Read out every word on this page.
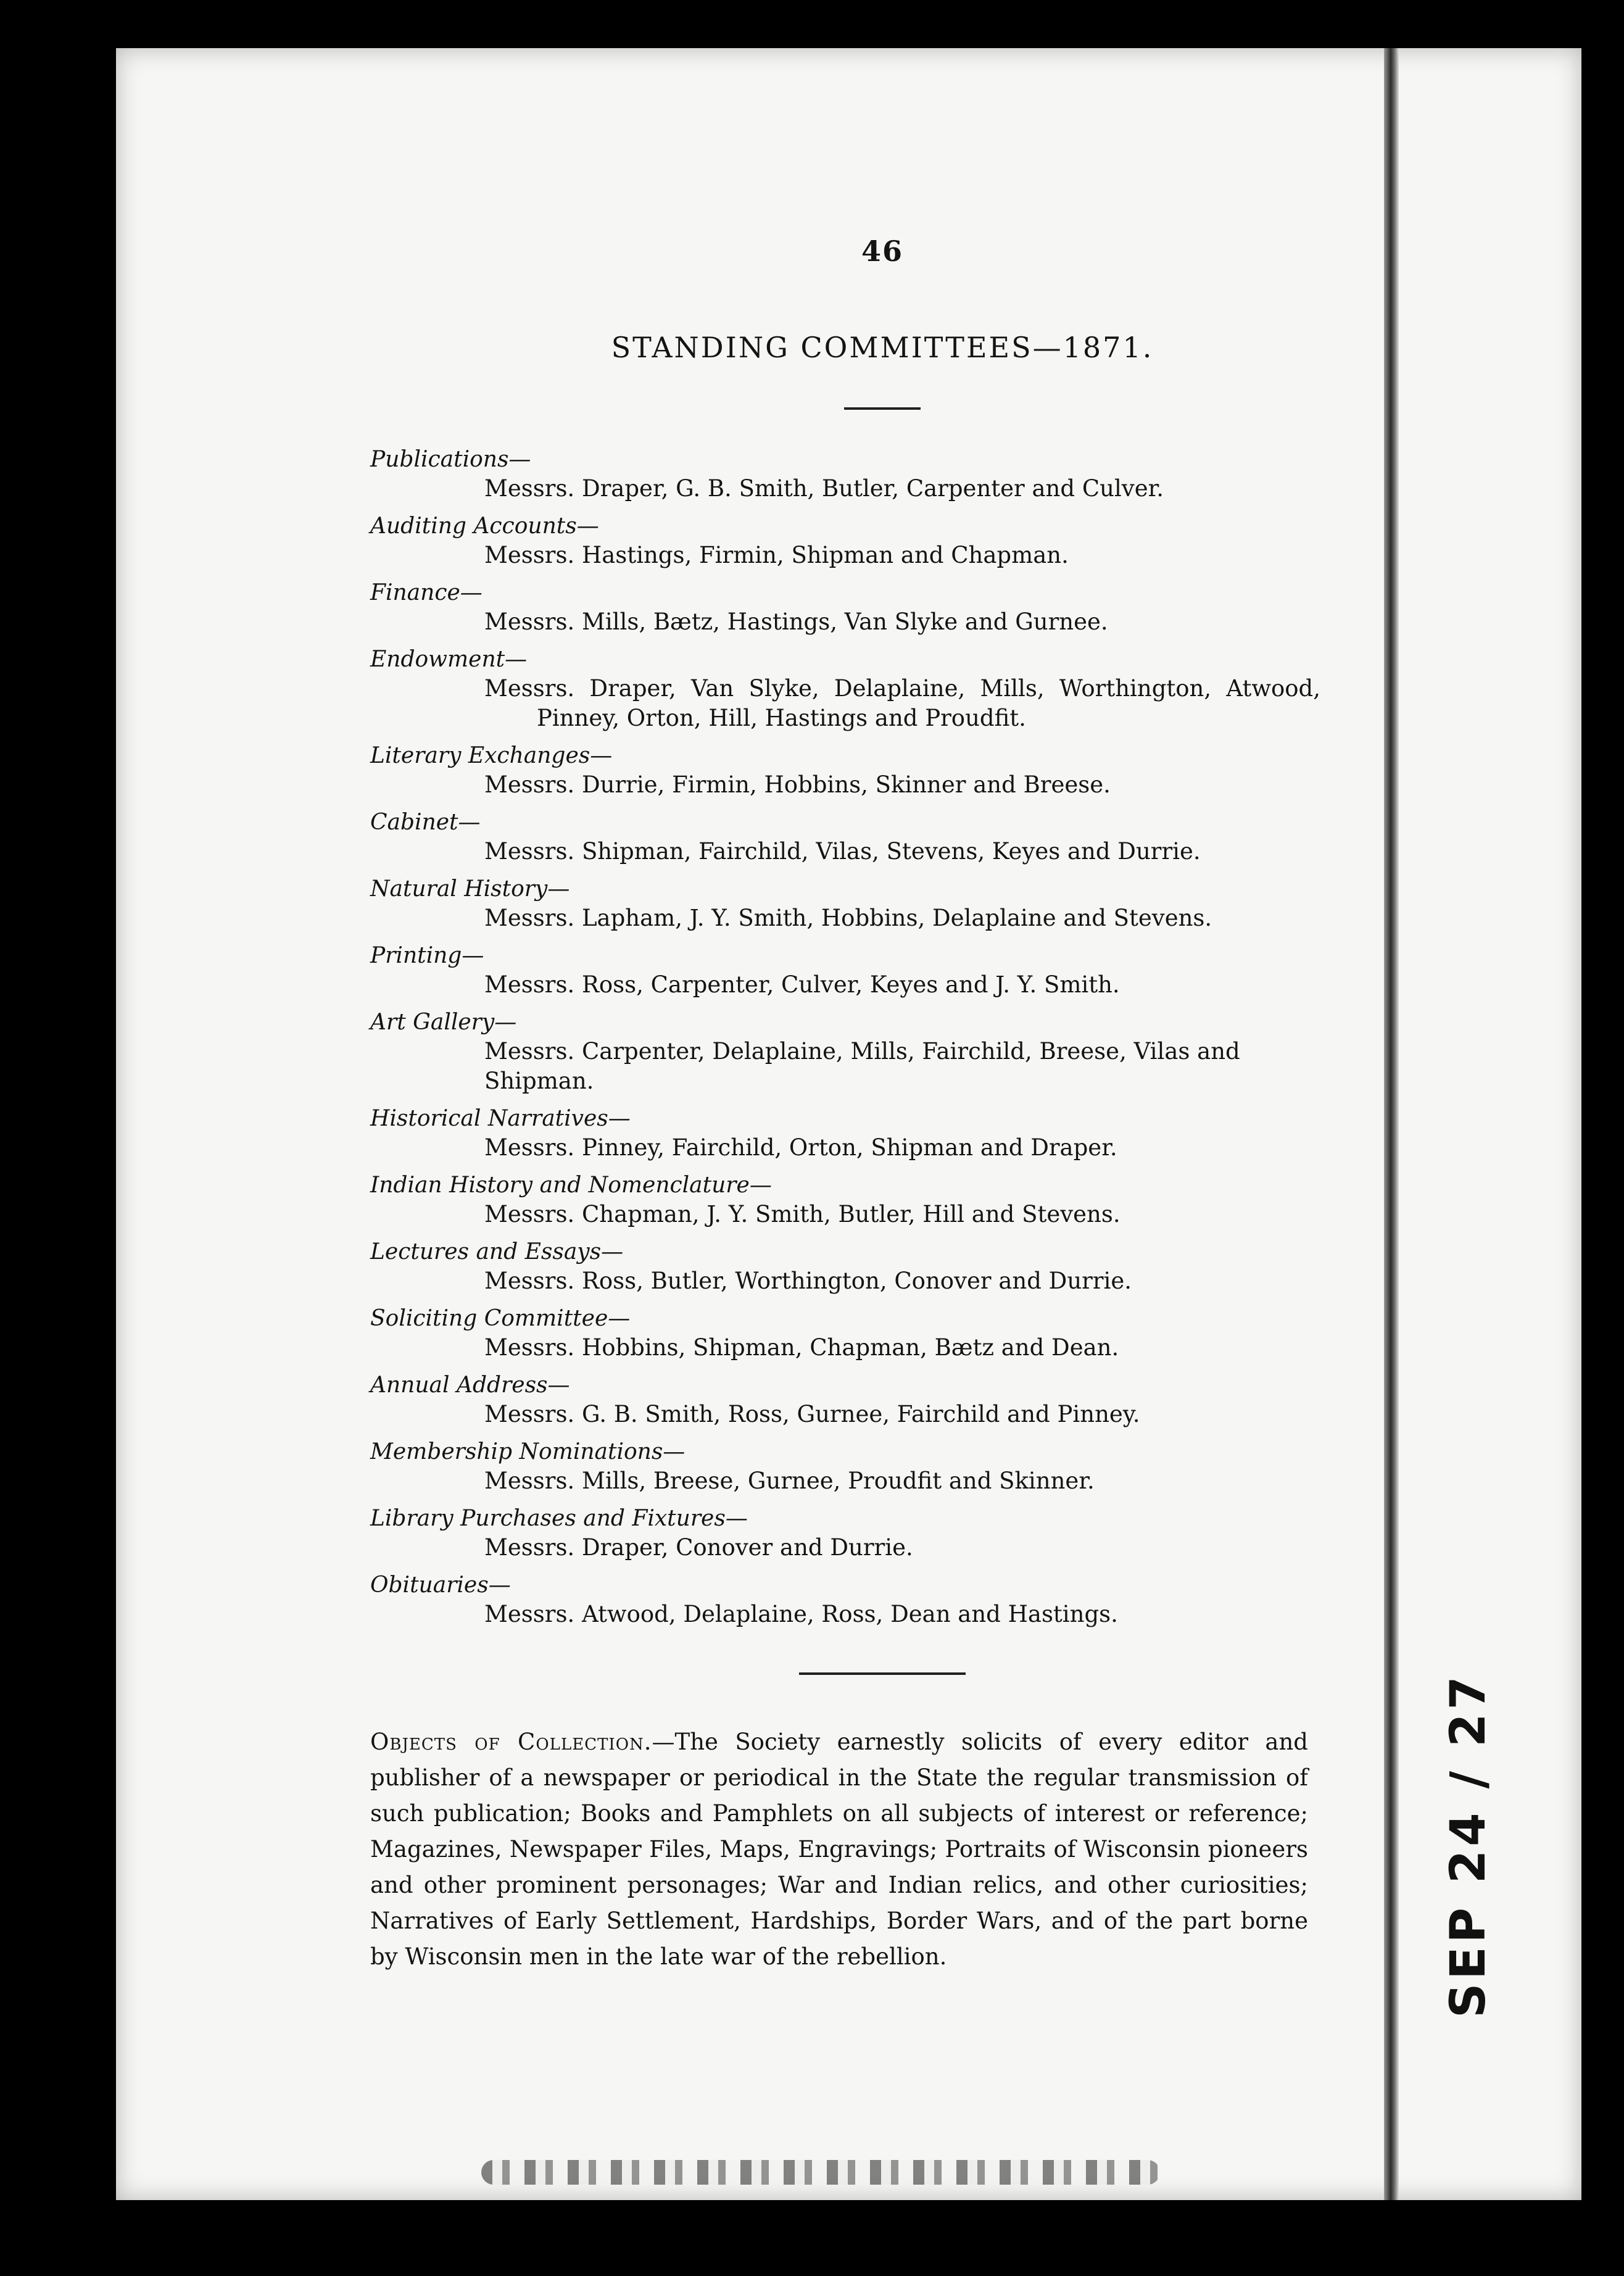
46

STANDING COMMITTEES—1871.

Publications—

Messrs. Draper, G. B. Smith, Butler, Carpenter and Culver.

Auditing Accounts—

Messrs. Hastings, Firmin, Shipman and Chapman.

Finance—

Messrs. Mills, Bætz, Hastings, Van Slyke and Gurnee.

Endowment—

Messrs. Draper, Van Slyke, Delaplaine, Mills, Worthington, Atwood, Pinney, Orton, Hill, Hastings and Proudfit.

Literary Exchanges—

Messrs. Durrie, Firmin, Hobbins, Skinner and Breese.

Cabinet—

Messrs. Shipman, Fairchild, Vilas, Stevens, Keyes and Durrie.

Natural History—

Messrs. Lapham, J. Y. Smith, Hobbins, Delaplaine and Stevens.

Printing—

Messrs. Ross, Carpenter, Culver, Keyes and J. Y. Smith.

Art Gallery—

Messrs. Carpenter, Delaplaine, Mills, Fairchild, Breese, Vilas and Shipman.

Historical Narratives—

Messrs. Pinney, Fairchild, Orton, Shipman and Draper.

Indian History and Nomenclature—

Messrs. Chapman, J. Y. Smith, Butler, Hill and Stevens.

Lectures and Essays—

Messrs. Ross, Butler, Worthington, Conover and Durrie.

Soliciting Committee—

Messrs. Hobbins, Shipman, Chapman, Bætz and Dean.

Annual Address—

Messrs. G. B. Smith, Ross, Gurnee, Fairchild and Pinney.

Membership Nominations—

Messrs. Mills, Breese, Gurnee, Proudfit and Skinner.

Library Purchases and Fixtures—

Messrs. Draper, Conover and Durrie.

Obituaries—

Messrs. Atwood, Delaplaine, Ross, Dean and Hastings.

Objects of Collection.—The Society earnestly solicits of every editor and publisher of a newspaper or periodical in the State the regular transmission of such publication; Books and Pamphlets on all subjects of interest or reference; Magazines, Newspaper Files, Maps, Engravings; Portraits of Wisconsin pioneers and other prominent personages; War and Indian relics, and other curiosities; Narratives of Early Settlement, Hardships, Border Wars, and of the part borne by Wisconsin men in the late war of the rebellion.	SEP 24 / 27
